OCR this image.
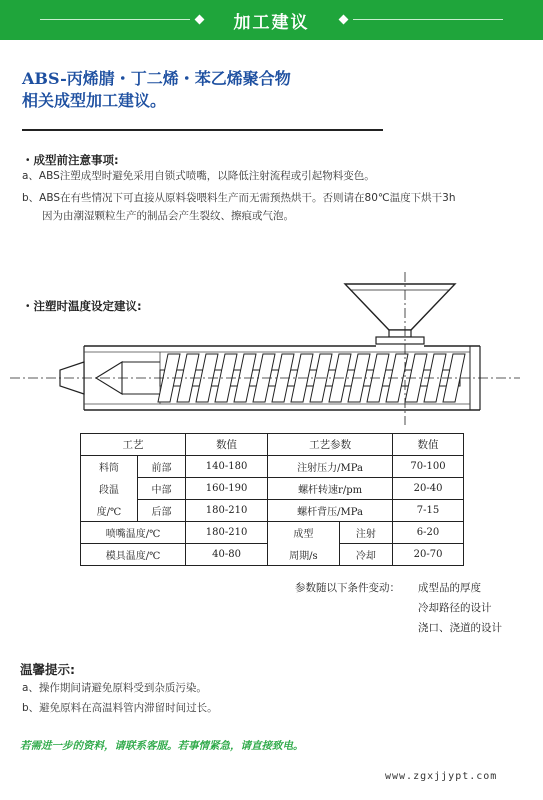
加工建议
ABS-丙烯腈・丁二烯・苯乙烯聚合物
相关成型加工建议。
・成型前注意事项:
a、ABS注塑成型时避免采用自锁式喷嘴，以降低注射流程或引起物料变色。
b、ABS在有些情况下可直接从原料袋喂料生产而无需预热烘干。否则请在80℃温度下烘干3h
因为由潮湿颗粒生产的制品会产生裂纹、擦痕或气泡。
・注塑时温度设定建议:
工艺		数值	工艺参数		数值
料筒	前部	140-180	注射压力/MPa		70-100
段温	中部	160-190	螺杆转速r/pm		20-40
度/℃	后部	180-210	螺杆背压/MPa		7-15
喷嘴温度/℃		180-210	成型	注射	6-20
模具温度/℃		40-80	周期/s	冷却	20-70
参数随以下条件变动： 成型品的厚度
冷却路径的设计
浇口、浇道的设计
温馨提示:
a、操作期间请避免原料受到杂质污染。
b、避免原料在高温料管内滞留时间过长。
若需进一步的资料，请联系客服。若事情紧急，请直接致电。
www.zgxjjypt.com
